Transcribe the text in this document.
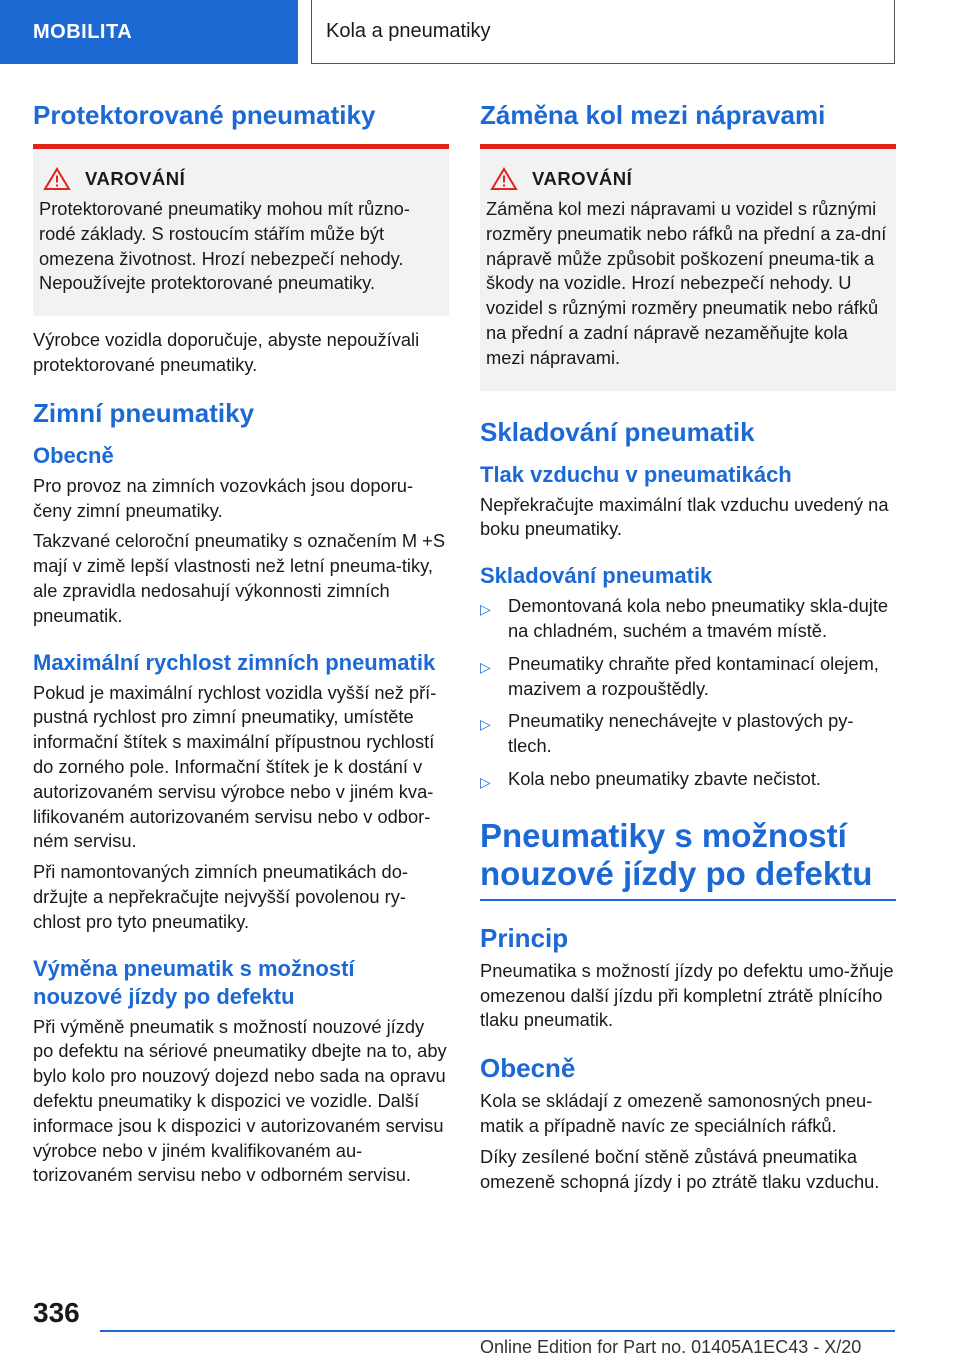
MOBILITA	Kola a pneumatiky
Protektorované pneumatiky
VAROVÁNÍ

Protektorované pneumatiky mohou mít různo-rodé základy. S rostoucím stářím může být omezena životnost. Hrozí nebezpečí nehody. Nepoužívejte protektorované pneumatiky.

Výrobce vozidla doporučuje, abyste nepoužívali protektorované pneumatiky.

Zimní pneumatiky
Obecně

Pro provoz na zimních vozovkách jsou doporu-čeny zimní pneumatiky.

Takzvané celoroční pneumatiky s označením M +S mají v zimě lepší vlastnosti než letní pneuma-tiky, ale zpravidla nedosahují výkonnosti zimních pneumatik.

Maximální rychlost zimních pneumatik

Pokud je maximální rychlost vozidla vyšší než pří-pustná rychlost pro zimní pneumatiky, umístěte informační štítek s maximální přípustnou rychlostí do zorného pole. Informační štítek je k dostání v autorizovaném servisu výrobce nebo v jiném kva-lifikovaném autorizovaném servisu nebo v odbor-ném servisu.

Při namontovaných zimních pneumatikách do-držujte a nepřekračujte nejvyšší povolenou ry-chlost pro tyto pneumatiky.

Výměna pneumatik s možností nouzové jízdy po defektu

Při výměně pneumatik s možností nouzové jízdy po defektu na sériové pneumatiky dbejte na to, aby bylo kolo pro nouzový dojezd nebo sada na opravu defektu pneumatiky k dispozici ve vozidle. Další informace jsou k dispozici v autorizovaném servisu výrobce nebo v jiném kvalifikovaném au-torizovaném servisu nebo v odborném servisu.

Záměna kol mezi nápravami
VAROVÁNÍ

Záměna kol mezi nápravami u vozidel s různými rozměry pneumatik nebo ráfků na přední a za-dní nápravě může způsobit poškození pneuma-tik a škody na vozidle. Hrozí nebezpečí nehody. U vozidel s různými rozměry pneumatik nebo ráfků na přední a zadní nápravě nezaměňujte kola mezi nápravami.

Skladování pneumatik
Tlak vzduchu v pneumatikách

Nepřekračujte maximální tlak vzduchu uvedený na boku pneumatiky.

Skladování pneumatik
▷ Demontovaná kola nebo pneumatiky skla-dujte na chladném, suchém a tmavém místě.
▷ Pneumatiky chraňte před kontaminací olejem, mazivem a rozpouštědly.
▷ Pneumatiky nenechávejte v plastových py-tlech.
▷ Kola nebo pneumatiky zbavte nečistot.
Pneumatiky s možností nouzové jízdy po defektu
Princip

Pneumatika s možností jízdy po defektu umo-žňuje omezenou další jízdu při kompletní ztrátě plnícího tlaku pneumatik.

Obecně

Kola se skládají z omezeně samonosných pneu-matik a případně navíc ze speciálních ráfků.

Díky zesílené boční stěně zůstává pneumatika omezeně schopná jízdy i po ztrátě tlaku vzduchu.

336
Online Edition for Part no. 01405A1EC43 - X/20
